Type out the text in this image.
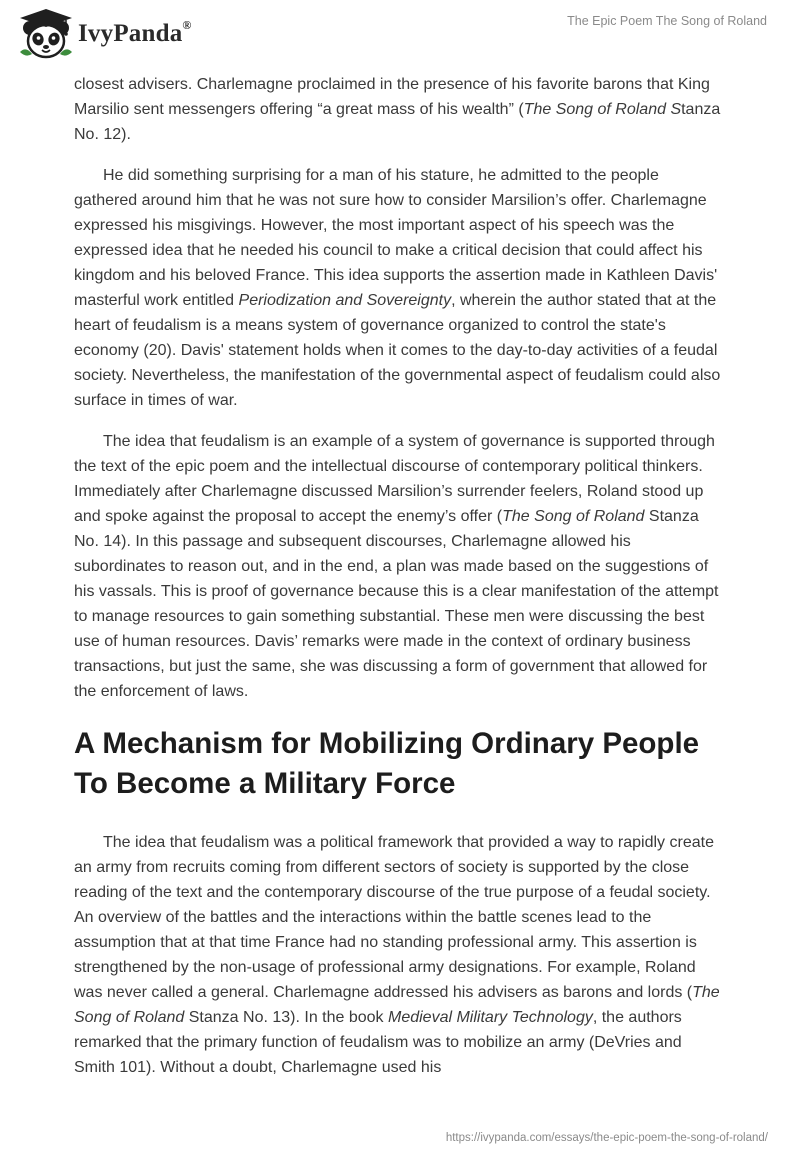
IvyPanda®	The Epic Poem The Song of Roland

closest advisers. Charlemagne proclaimed in the presence of his favorite barons that King Marsilio sent messengers offering “a great mass of his wealth” (The Song of Roland Stanza No. 12).

He did something surprising for a man of his stature, he admitted to the people gathered around him that he was not sure how to consider Marsilion’s offer. Charlemagne expressed his misgivings. However, the most important aspect of his speech was the expressed idea that he needed his council to make a critical decision that could affect his kingdom and his beloved France. This idea supports the assertion made in Kathleen Davis' masterful work entitled Periodization and Sovereignty, wherein the author stated that at the heart of feudalism is a means system of governance organized to control the state's economy (20). Davis' statement holds when it comes to the day-to-day activities of a feudal society. Nevertheless, the manifestation of the governmental aspect of feudalism could also surface in times of war.

The idea that feudalism is an example of a system of governance is supported through the text of the epic poem and the intellectual discourse of contemporary political thinkers. Immediately after Charlemagne discussed Marsilion’s surrender feelers, Roland stood up and spoke against the proposal to accept the enemy’s offer (The Song of Roland Stanza No. 14). In this passage and subsequent discourses, Charlemagne allowed his subordinates to reason out, and in the end, a plan was made based on the suggestions of his vassals. This is proof of governance because this is a clear manifestation of the attempt to manage resources to gain something substantial. These men were discussing the best use of human resources. Davis’ remarks were made in the context of ordinary business transactions, but just the same, she was discussing a form of government that allowed for the enforcement of laws.

A Mechanism for Mobilizing Ordinary People To Become a Military Force

The idea that feudalism was a political framework that provided a way to rapidly create an army from recruits coming from different sectors of society is supported by the close reading of the text and the contemporary discourse of the true purpose of a feudal society. An overview of the battles and the interactions within the battle scenes lead to the assumption that at that time France had no standing professional army. This assertion is strengthened by the non-usage of professional army designations. For example, Roland was never called a general. Charlemagne addressed his advisers as barons and lords (The Song of Roland Stanza No. 13). In the book Medieval Military Technology, the authors remarked that the primary function of feudalism was to mobilize an army (DeVries and Smith 101). Without a doubt, Charlemagne used his

https://ivypanda.com/essays/the-epic-poem-the-song-of-roland/
